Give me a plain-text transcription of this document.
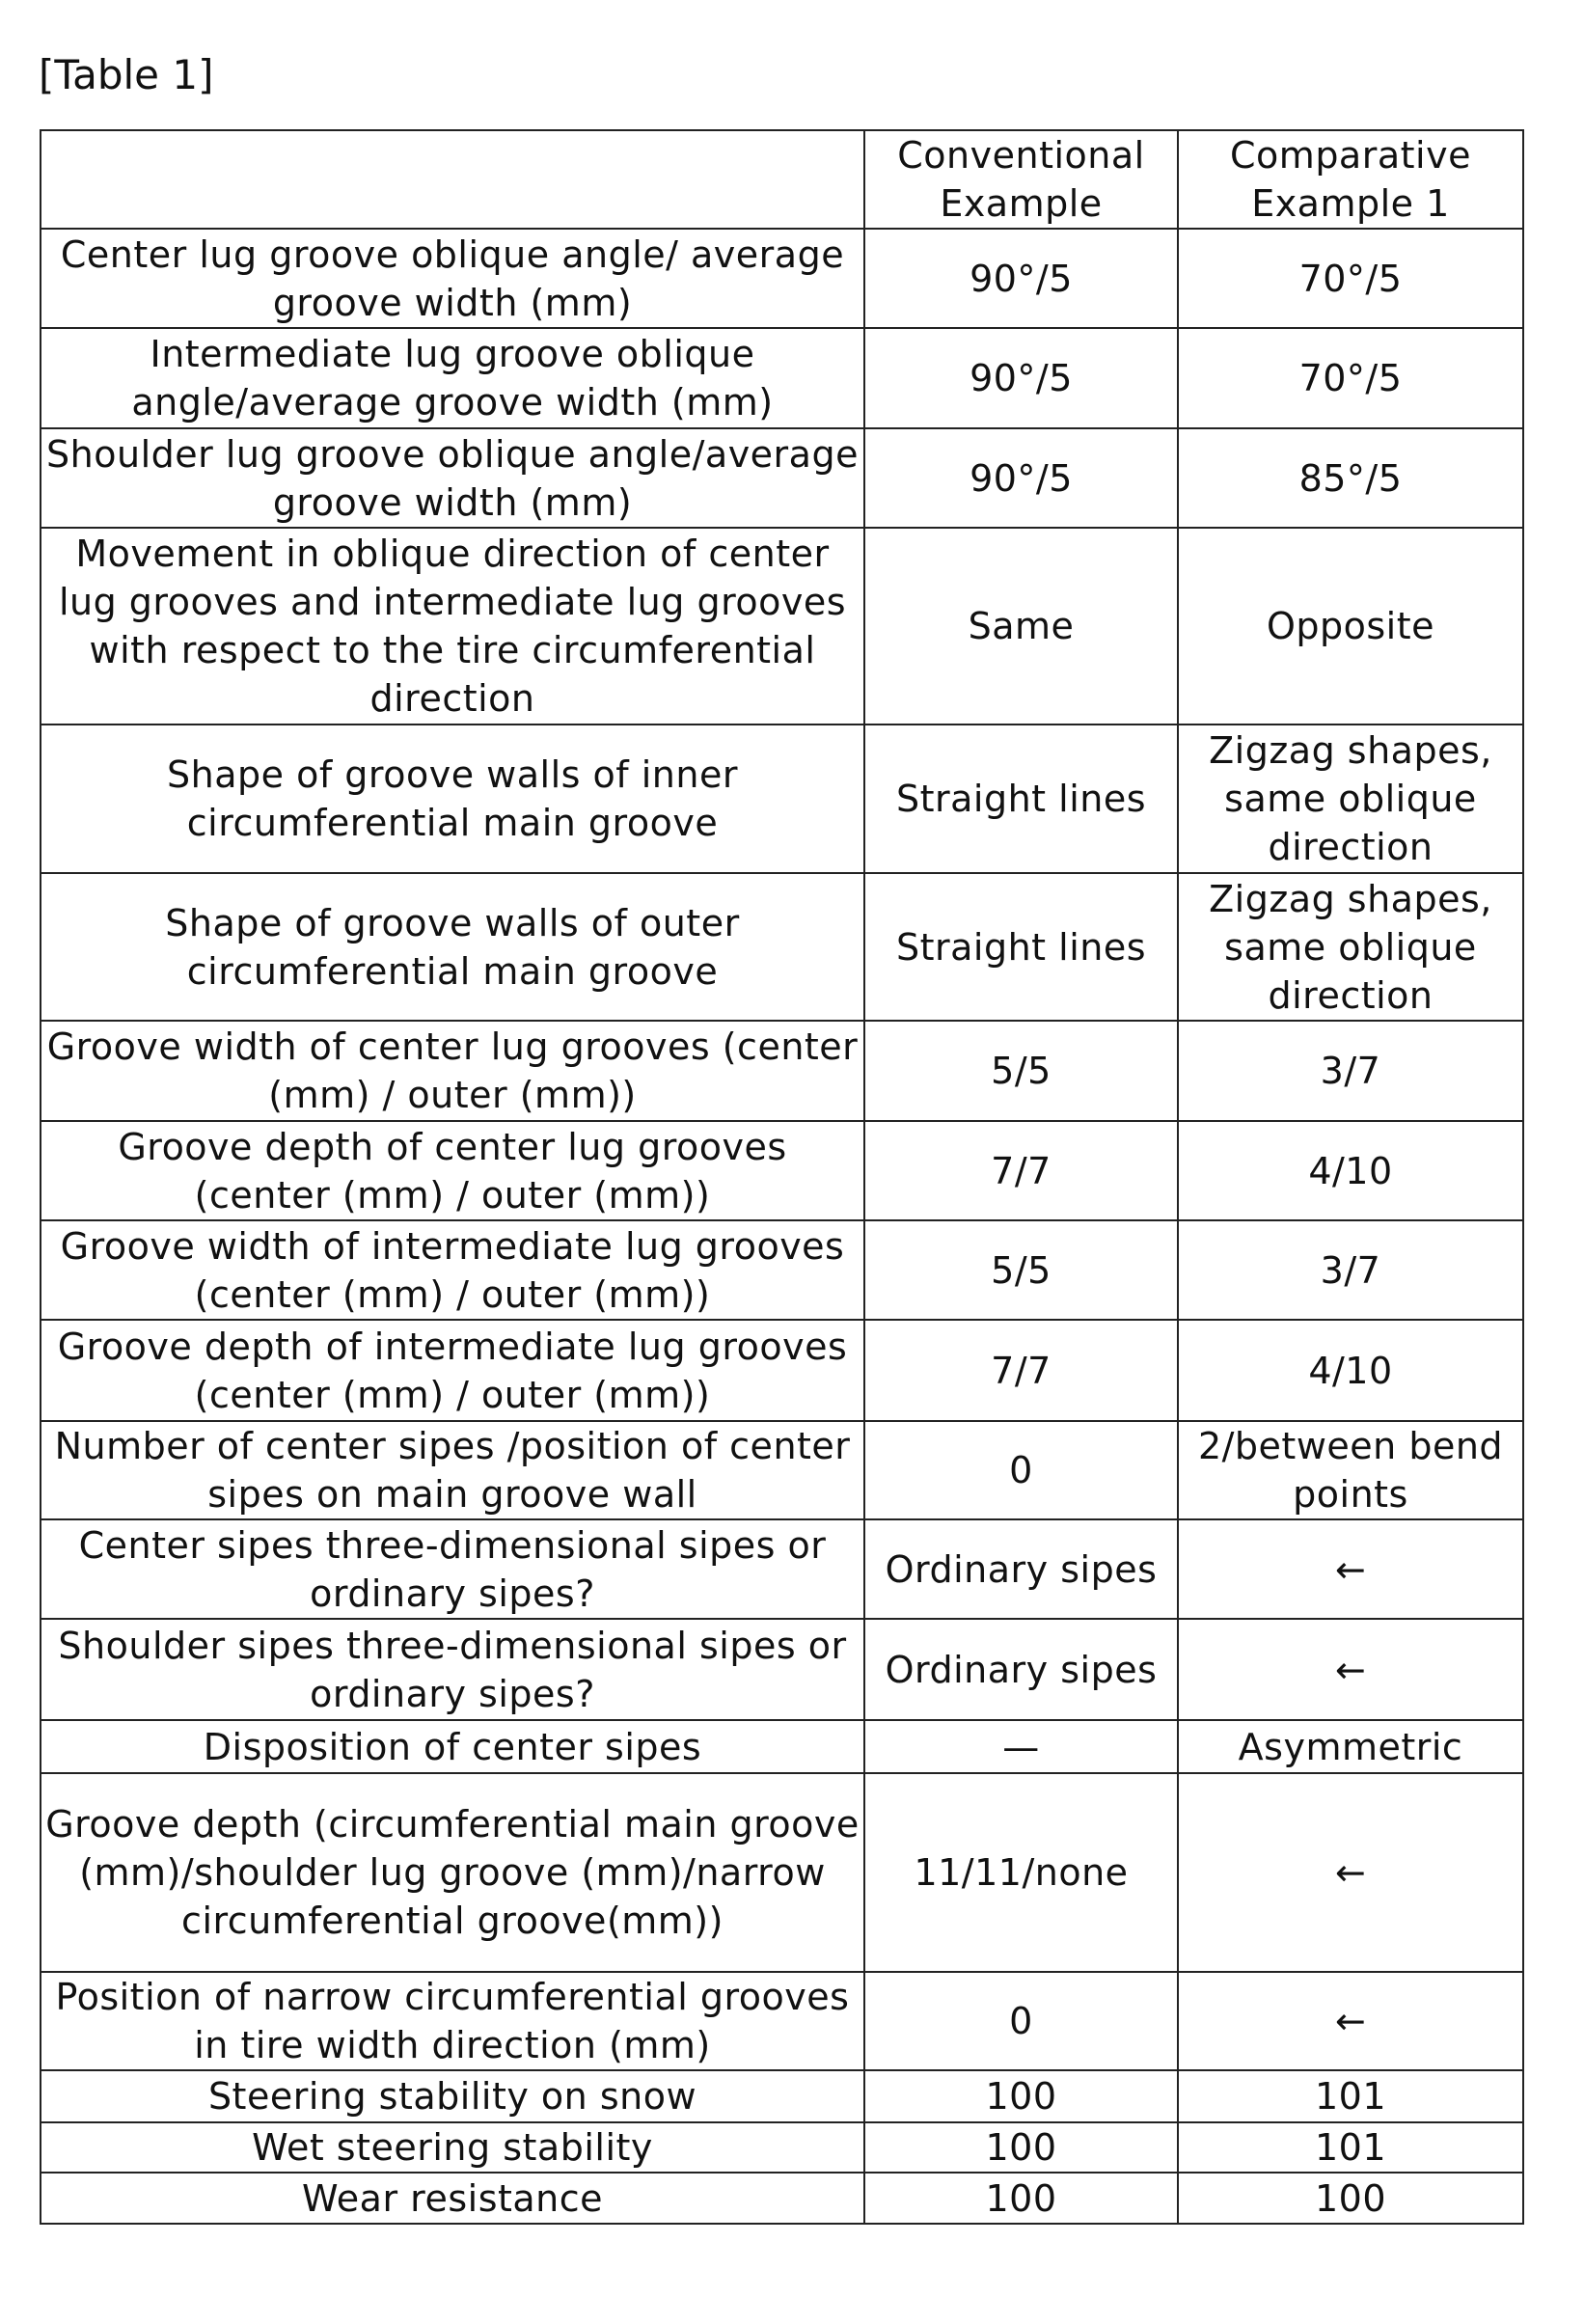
[Table 1]
	Conventional Example	Comparative Example 1
Center lug groove oblique angle/ average groove width (mm)	90°/5	70°/5
Intermediate lug groove oblique angle/average groove width (mm)	90°/5	70°/5
Shoulder lug groove oblique angle/average groove width (mm)	90°/5	85°/5
Movement in oblique direction of center lug grooves and intermediate lug grooves with respect to the tire circumferential direction	Same	Opposite
Shape of groove walls of inner circumferential main groove	Straight lines	Zigzag shapes, same oblique direction
Shape of groove walls of outer circumferential main groove	Straight lines	Zigzag shapes, same oblique direction
Groove width of center lug grooves (center (mm) / outer (mm))	5/5	3/7
Groove depth of center lug grooves (center (mm) / outer (mm))	7/7	4/10
Groove width of intermediate lug grooves (center (mm) / outer (mm))	5/5	3/7
Groove depth of intermediate lug grooves (center (mm) / outer (mm))	7/7	4/10
Number of center sipes /position of center sipes on main groove wall	0	2/between bend points
Center sipes three-dimensional sipes or ordinary sipes?	Ordinary sipes	←
Shoulder sipes three-dimensional sipes or ordinary sipes?	Ordinary sipes	←
Disposition of center sipes	—	Asymmetric
Groove depth (circumferential main groove (mm)/shoulder lug groove (mm)/narrow circumferential groove(mm))	11/11/none	←
Position of narrow circumferential grooves in tire width direction (mm)	0	←
Steering stability on snow	100	101
Wet steering stability	100	101
Wear resistance	100	100
